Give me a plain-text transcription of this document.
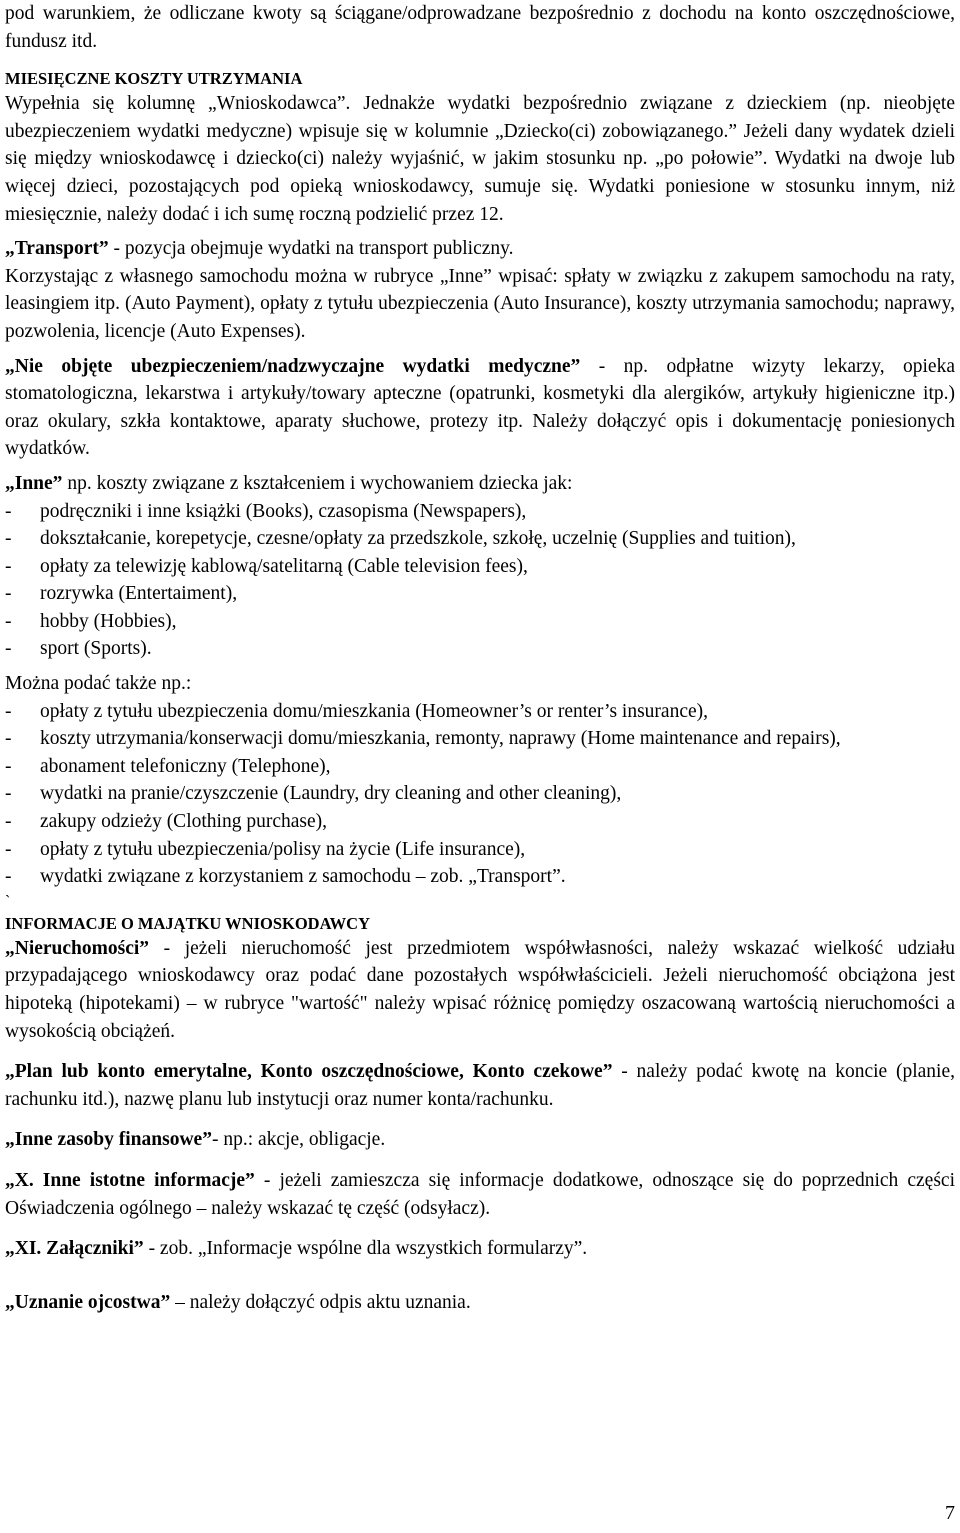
pod warunkiem, że odliczane kwoty są ściągane/odprowadzane bezpośrednio z dochodu na konto oszczędnościowe, fundusz itd.

MIESIĘCZNE KOSZTY UTRZYMANIA

Wypełnia się kolumnę „Wnioskodawca”. Jednakże wydatki bezpośrednio związane z dzieckiem (np. nieobjęte ubezpieczeniem wydatki medyczne) wpisuje się w kolumnie „Dziecko(ci) zobowiązanego.” Jeżeli dany wydatek dzieli się między wnioskodawcę i dziecko(ci) należy wyjaśnić, w jakim stosunku np. „po połowie”. Wydatki na dwoje lub więcej dzieci, pozostających pod opieką wnioskodawcy, sumuje się. Wydatki poniesione w stosunku innym, niż miesięcznie, należy dodać i ich sumę roczną podzielić przez 12.

„Transport” - pozycja obejmuje wydatki na transport publiczny.

Korzystając z własnego samochodu można w rubryce „Inne” wpisać: spłaty w związku z zakupem samochodu na raty, leasingiem itp. (Auto Payment), opłaty z tytułu ubezpieczenia (Auto Insurance), koszty utrzymania samochodu; naprawy, pozwolenia, licencje (Auto Expenses).

„Nie objęte ubezpieczeniem/nadzwyczajne wydatki medyczne” - np. odpłatne wizyty lekarzy, opieka stomatologiczna, lekarstwa i artykuły/towary apteczne (opatrunki, kosmetyki dla alergików, artykuły higieniczne itp.) oraz okulary, szkła kontaktowe, aparaty słuchowe, protezy itp. Należy dołączyć opis i dokumentację poniesionych wydatków.

„Inne” np. koszty związane z kształceniem i wychowaniem dziecka jak:

- podręczniki i inne książki (Books), czasopisma (Newspapers),
- dokształcanie, korepetycje, czesne/opłaty za przedszkole, szkołę, uczelnię (Supplies and tuition),
- opłaty za telewizję kablową/satelitarną (Cable television fees),
- rozrywka (Entertaiment),
- hobby (Hobbies),
- sport (Sports).

Można podać także np.:

- opłaty z tytułu ubezpieczenia domu/mieszkania (Homeowner’s or renter’s insurance),
- koszty utrzymania/konserwacji domu/mieszkania, remonty, naprawy (Home maintenance and repairs),
- abonament telefoniczny (Telephone),
- wydatki na pranie/czyszczenie (Laundry, dry cleaning and other cleaning),
- zakupy odzieży (Clothing purchase),
- opłaty z tytułu ubezpieczenia/polisy na życie (Life insurance),
- wydatki związane z korzystaniem z samochodu – zob. „Transport”.
`
INFORMACJE O MAJĄTKU WNIOSKODAWCY

„Nieruchomości” - jeżeli nieruchomość jest przedmiotem współwłasności, należy wskazać wielkość udziału przypadającego wnioskodawcy oraz podać dane pozostałych współwłaścicieli. Jeżeli nieruchomość obciążona jest hipoteką (hipotekami) – w rubryce "wartość" należy wpisać różnicę pomiędzy oszacowaną wartością nieruchomości a wysokością obciążeń.

„Plan lub konto emerytalne, Konto oszczędnościowe, Konto czekowe” - należy podać kwotę na koncie (planie, rachunku itd.), nazwę planu lub instytucji oraz numer konta/rachunku.

„Inne zasoby finansowe”- np.: akcje, obligacje.

„X. Inne istotne informacje” - jeżeli zamieszcza się informacje dodatkowe, odnoszące się do poprzednich części Oświadczenia ogólnego – należy wskazać tę część (odsyłacz).

„XI. Załączniki” - zob. „Informacje wspólne dla wszystkich formularzy”.

„Uznanie ojcostwa” – należy dołączyć odpis aktu uznania.

7
